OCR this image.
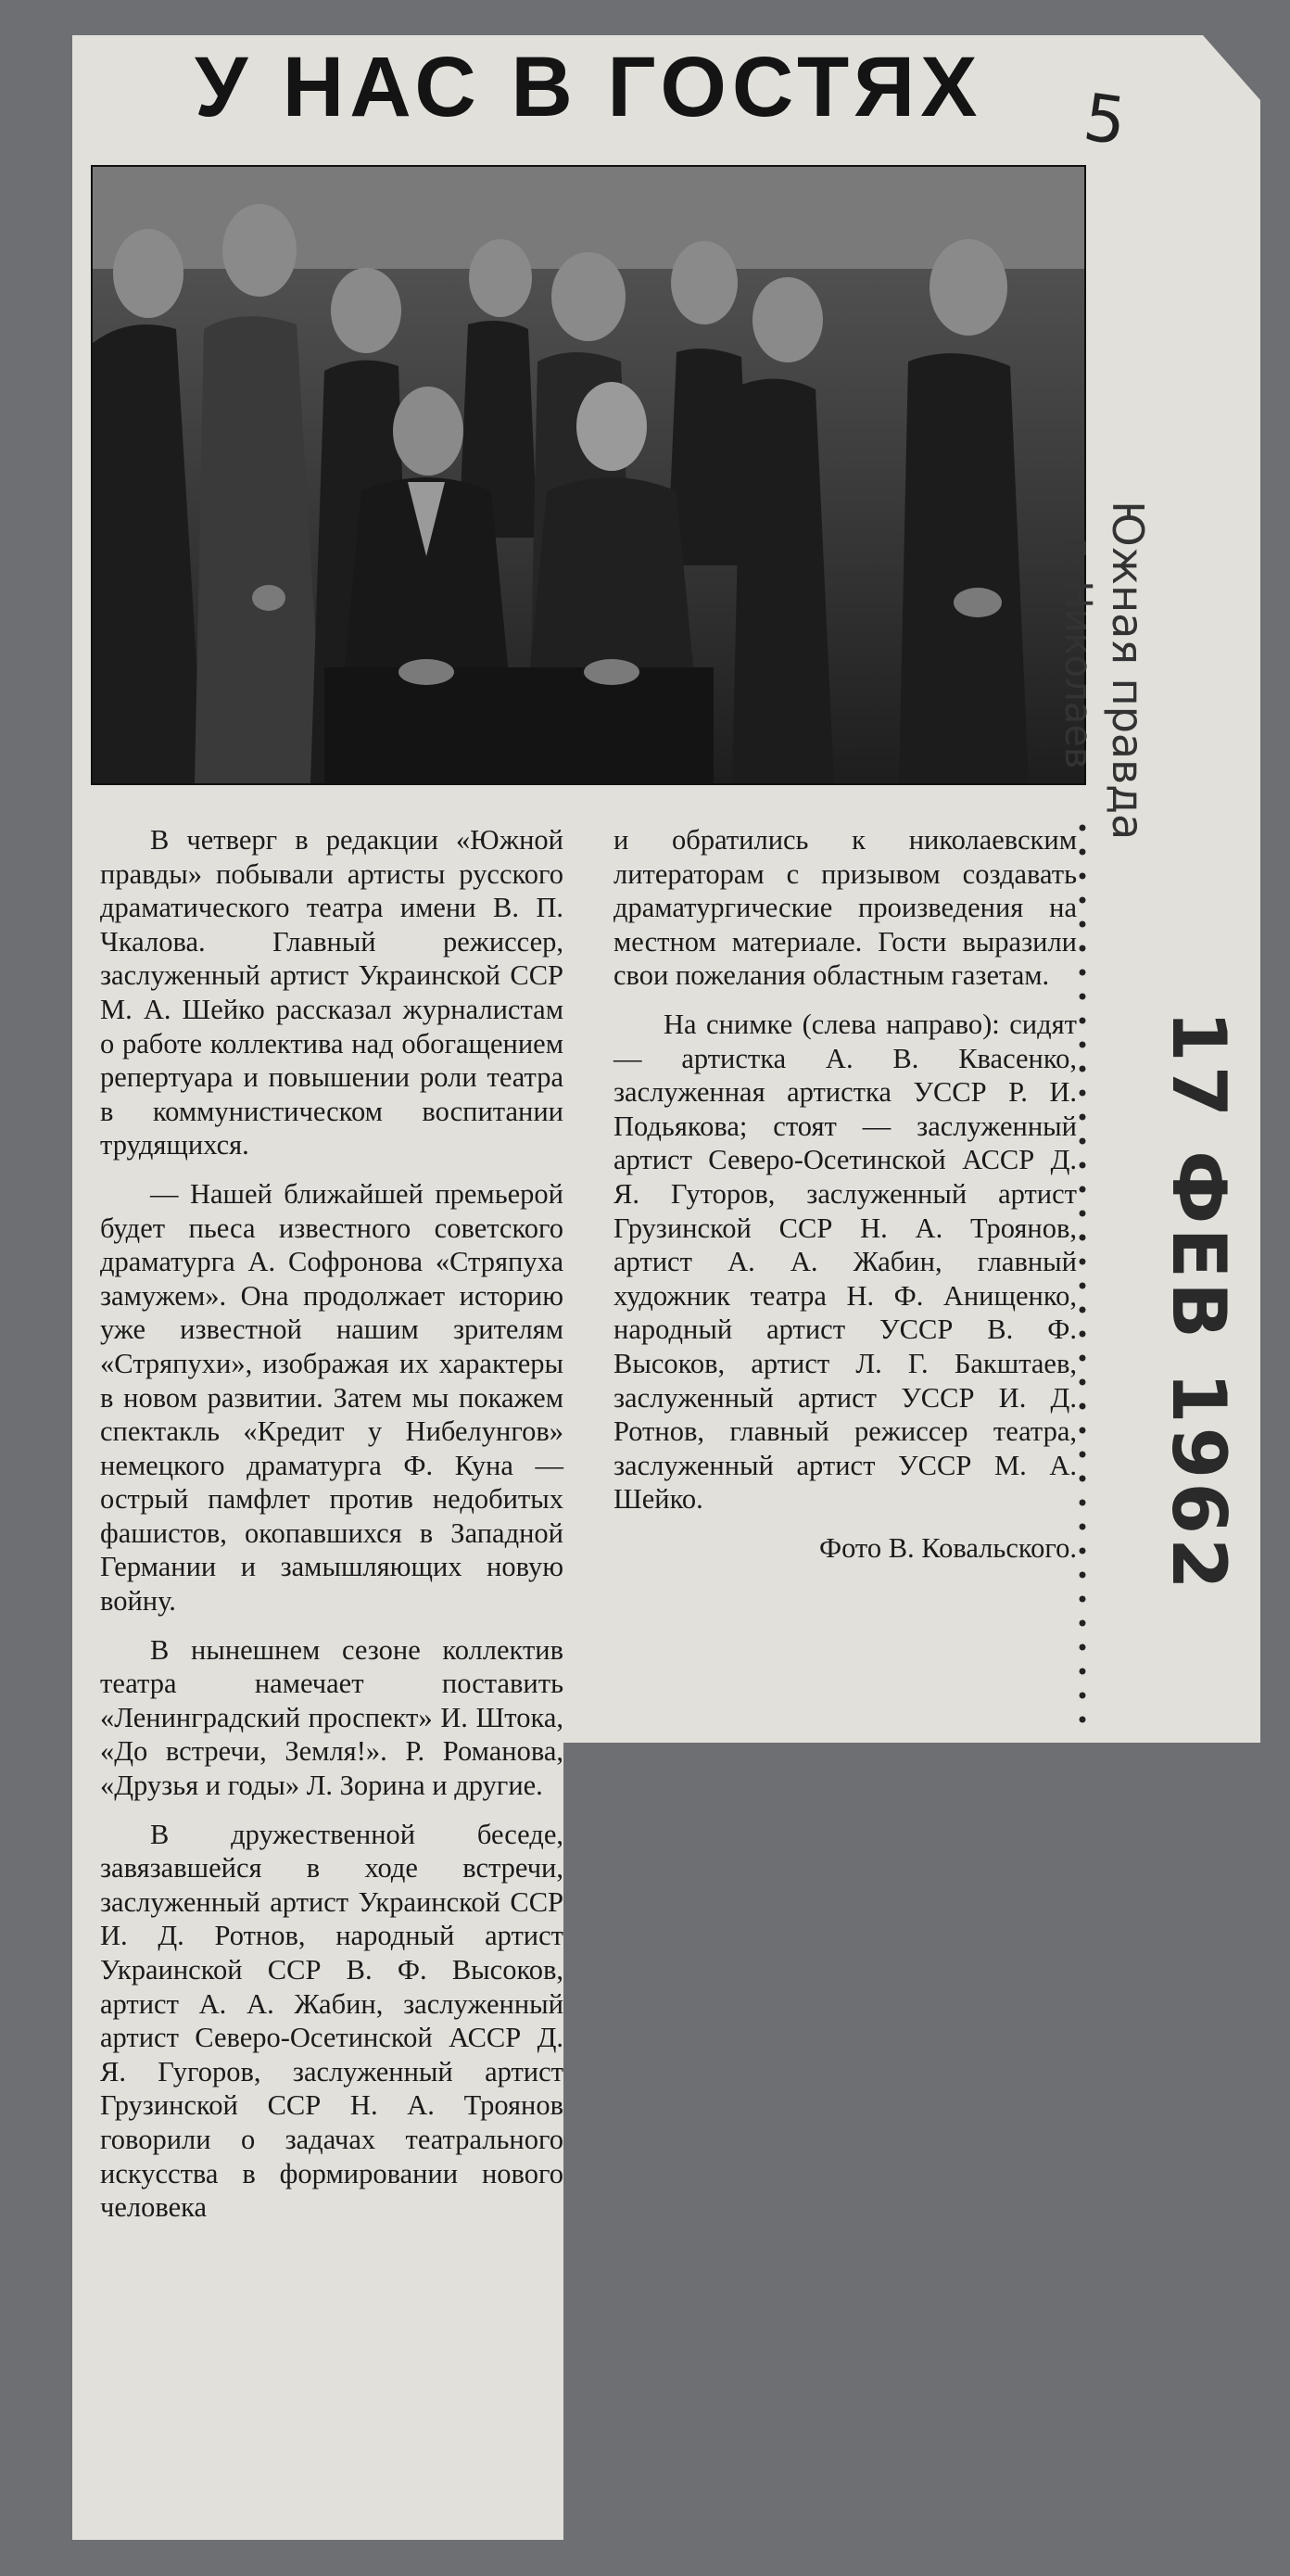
У НАС В ГОСТЯХ 5
Южная правда
г. Николаев
17 ФЕВ 1962

В четверг в редакции «Южной правды» побывали артисты русского драматического театра имени В. П. Чкалова. Главный режиссер, заслуженный артист Украинской ССР М. А. Шейко рассказал журналистам о работе коллектива над обогащением репертуара и повышении роли театра в коммунистическом воспитании трудящихся.

— Нашей ближайшей премьерой будет пьеса известного советского драматурга А. Софронова «Стряпуха замужем». Она продолжает историю уже известной нашим зрителям «Стряпухи», изображая их характеры в новом развитии. Затем мы покажем спектакль «Кредит у Нибелунгов» немецкого драматурга Ф. Куна — острый памфлет против недобитых фашистов, окопавшихся в Западной Германии и замышляющих новую войну.

В нынешнем сезоне коллектив театра намечает поставить «Ленинградский проспект» И. Штока, «До встречи, Земля!». Р. Романова, «Друзья и годы» Л. Зорина и другие.

В дружественной беседе, завязавшейся в ходе встречи, заслуженный артист Украинской ССР И. Д. Ротнов, народный артист Украинской ССР В. Ф. Высоков, артист А. А. Жабин, заслуженный артист Северо-Осетинской АССР Д. Я. Гугоров, заслуженный артист Грузинской ССР Н. А. Троянов говорили о задачах театрального искусства в формировании нового человека

и обратились к николаевским литераторам с призывом создавать драматургические произведения на местном материале. Гости выразили свои пожелания областным газетам.

На снимке (слева направо): сидят — артистка А. В. Квасенко, заслуженная артистка УССР Р. И. Подьякова; стоят — заслуженный артист Северо-Осетинской АССР Д. Я. Гуторов, заслуженный артист Грузинской ССР Н. А. Троянов, артист А. А. Жабин, главный художник театра Н. Ф. Анищенко, народный артист УССР В. Ф. Высоков, артист Л. Г. Бакштаев, заслуженный артист УССР И. Д. Ротнов, главный режиссер театра, заслуженный артист УССР М. А. Шейко.

Фото В. Ковальского.
